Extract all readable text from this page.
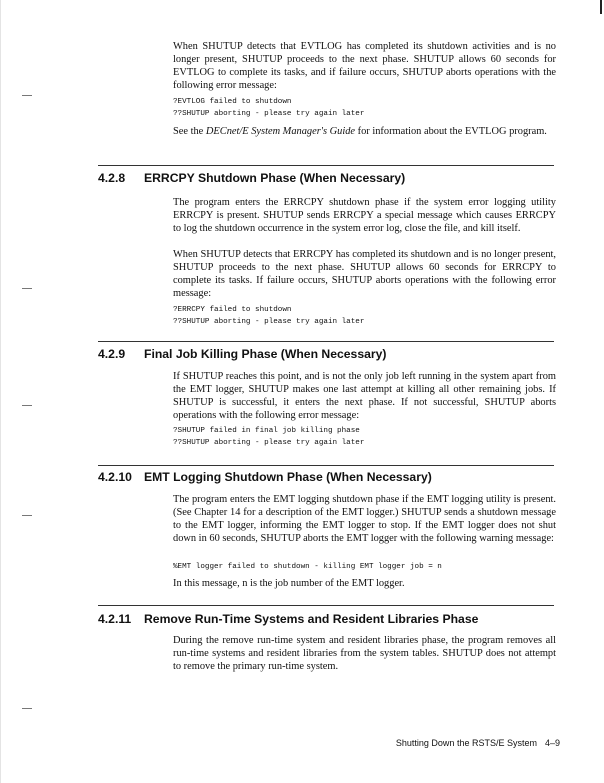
When SHUTUP detects that EVTLOG has completed its shutdown activities and is no longer present, SHUTUP proceeds to the next phase. SHUTUP allows 60 seconds for EVTLOG to complete its tasks, and if failure occurs, SHUTUP aborts operations with the following error message:

?EVTLOG failed to shutdown
??SHUTUP aborting - please try again later

See the DECnet/E System Manager's Guide for information about the EVTLOG program.

4.2.8 ERRCPY Shutdown Phase (When Necessary)

The program enters the ERRCPY shutdown phase if the system error logging utility ERRCPY is present. SHUTUP sends ERRCPY a special message which causes ERRCPY to log the shutdown occurrence in the system error log, close the file, and kill itself.

When SHUTUP detects that ERRCPY has completed its shutdown and is no longer present, SHUTUP proceeds to the next phase. SHUTUP allows 60 seconds for ERRCPY to complete its tasks. If failure occurs, SHUTUP aborts operations with the following error message:

?ERRCPY failed to shutdown
??SHUTUP aborting - please try again later
4.2.9 Final Job Killing Phase (When Necessary)

If SHUTUP reaches this point, and is not the only job left running in the system apart from the EMT logger, SHUTUP makes one last attempt at killing all other remaining jobs. If SHUTUP is successful, it enters the next phase. If not successful, SHUTUP aborts operations with the following error message:

?SHUTUP failed in final job killing phase
??SHUTUP aborting - please try again later
4.2.10 EMT Logging Shutdown Phase (When Necessary)

The program enters the EMT logging shutdown phase if the EMT logging utility is present. (See Chapter 14 for a description of the EMT logger.) SHUTUP sends a shutdown message to the EMT logger, informing the EMT logger to stop. If the EMT logger does not shut down in 60 seconds, SHUTUP aborts the EMT logger with the following warning message:

%EMT logger failed to shutdown - killing EMT logger job = n

In this message, n is the job number of the EMT logger.

4.2.11 Remove Run-Time Systems and Resident Libraries Phase

During the remove run-time system and resident libraries phase, the program removes all run-time systems and resident libraries from the system tables. SHUTUP does not attempt to remove the primary run-time system.

Shutting Down the RSTS/E System 4–9
